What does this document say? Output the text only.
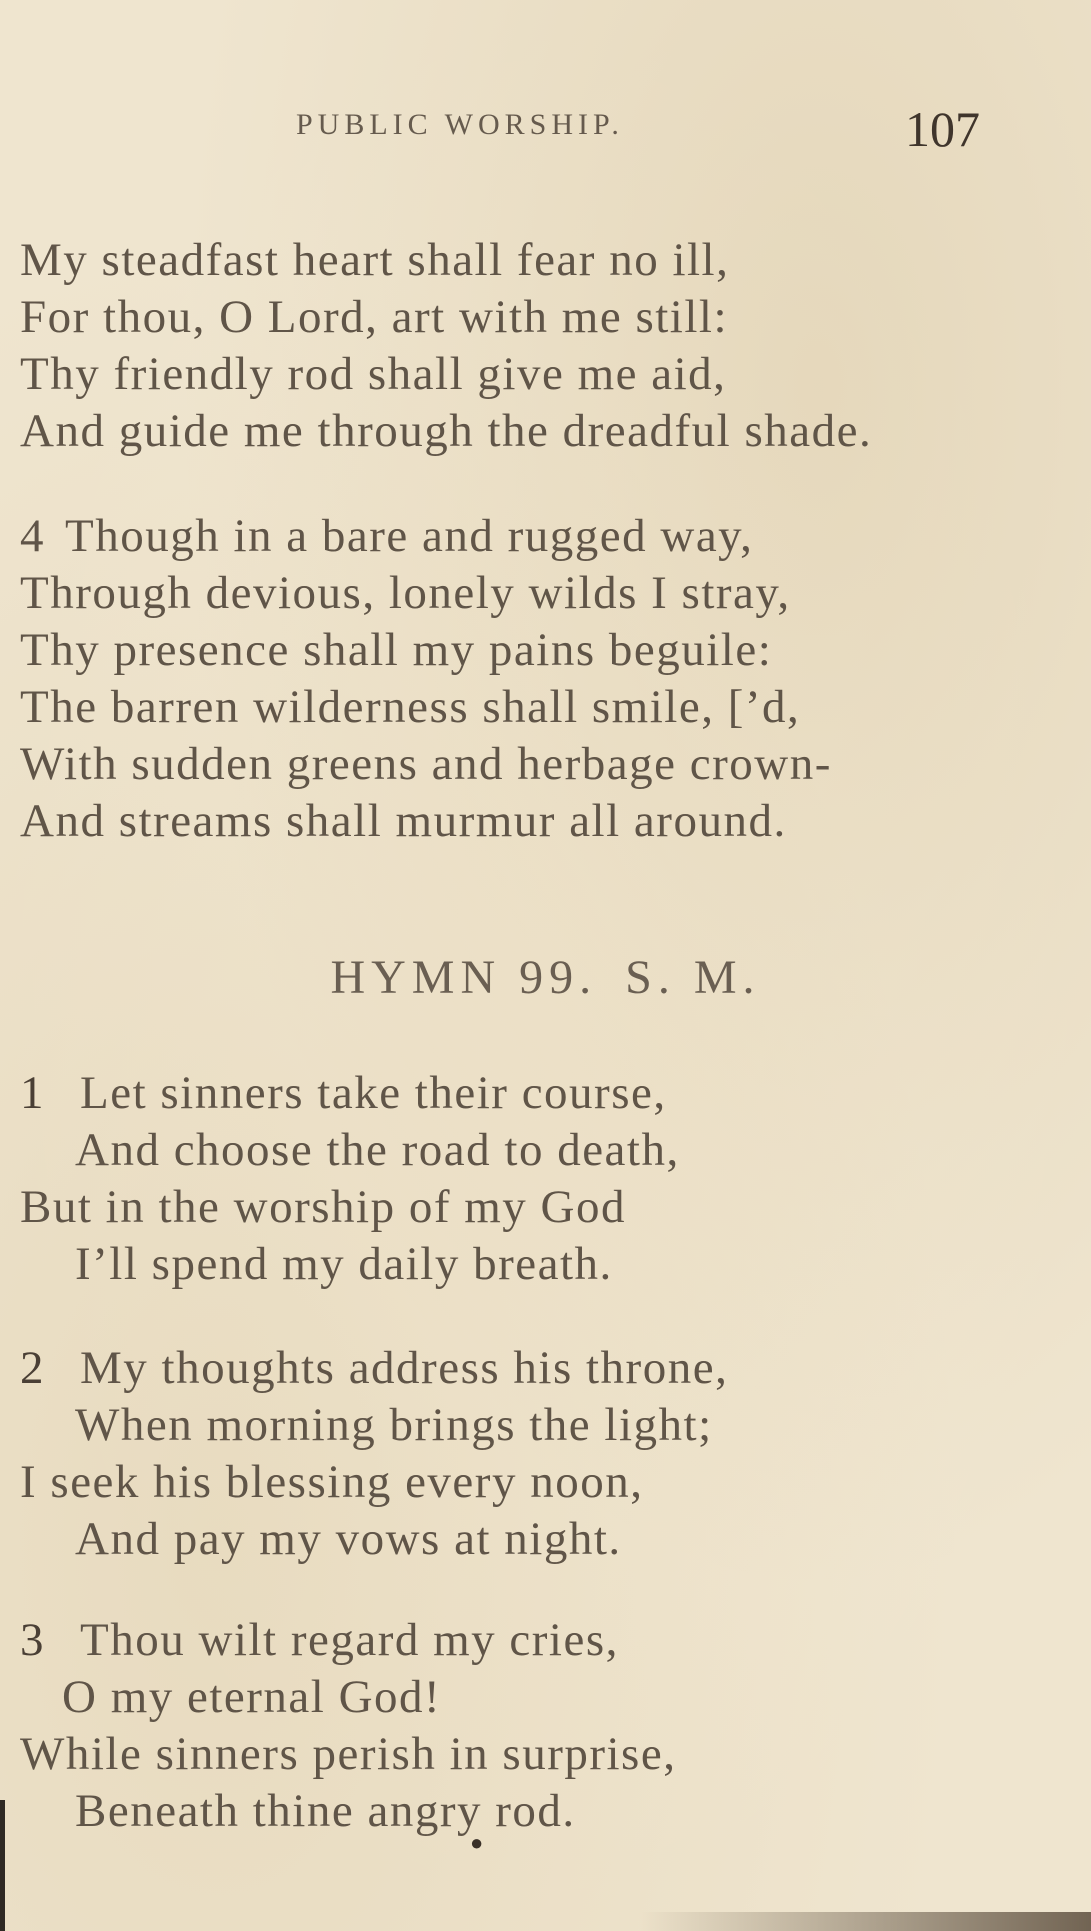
PUBLIC WORSHIP.	107
My steadfast heart shall fear no ill,
For thou, O Lord, art with me still:
Thy friendly rod shall give me aid,
And guide me through the dreadful shade.
4 Though in a bare and rugged way,
Through devious, lonely wilds I stray,
Thy presence shall my pains beguile:
The barren wilderness shall smile, [’d,
With sudden greens and herbage crown-
And streams shall murmur all around.
HYMN 99. S. M.
1 Let sinners take their course,
And choose the road to death,
But in the worship of my God
I’ll spend my daily breath.
2 My thoughts address his throne,
When morning brings the light;
I seek his blessing every noon,
And pay my vows at night.
3 Thou wilt regard my cries,
O my eternal God!
While sinners perish in surprise,
Beneath thine angry rod.
●
